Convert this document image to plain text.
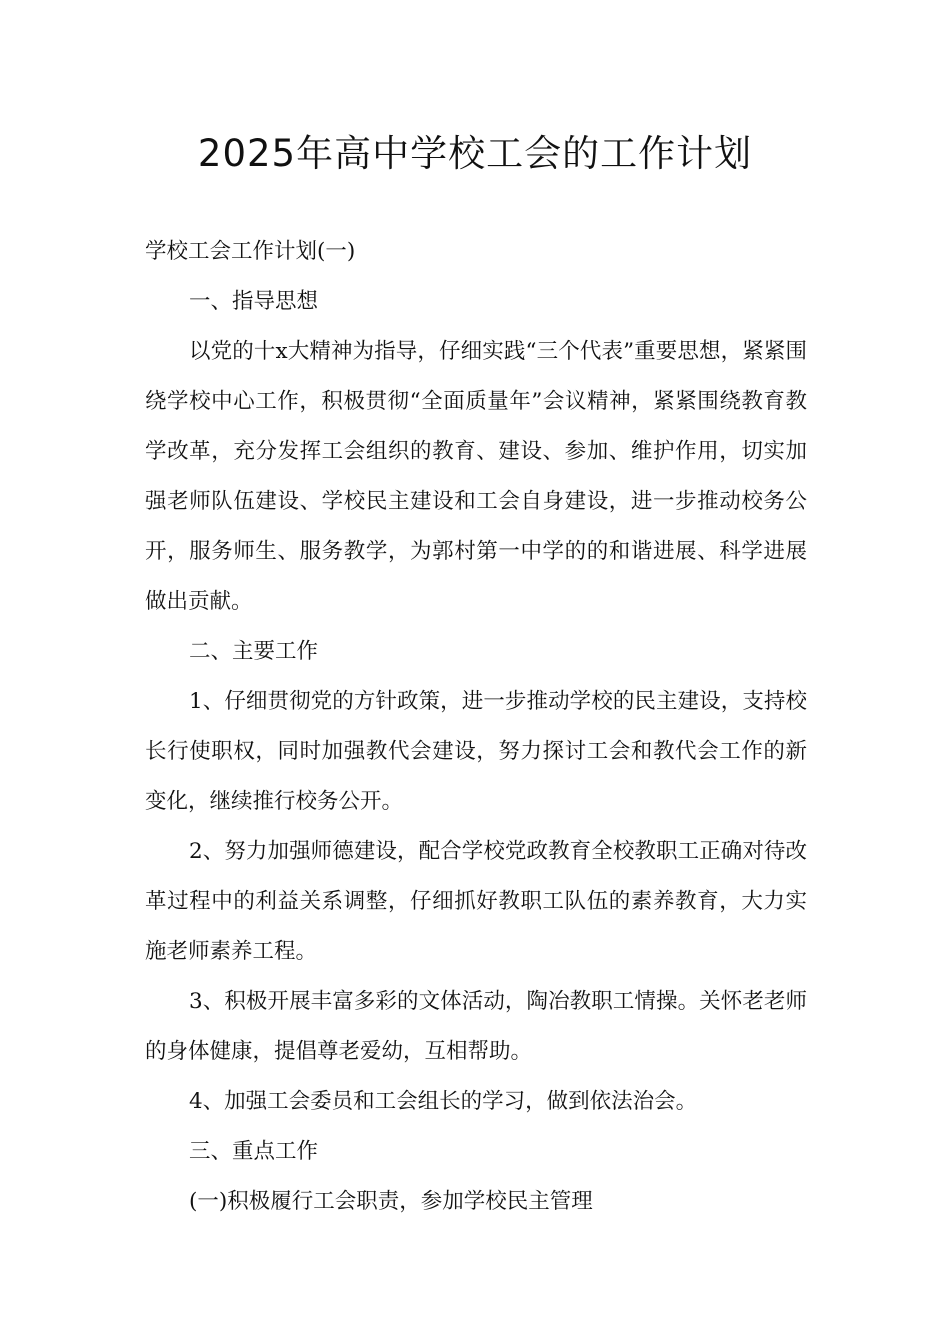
2025年高中学校工会的工作计划

学校工会工作计划(一)

一、指导思想

以党的十x大精神为指导，仔细实践“三个代表”重要思想，紧紧围绕学校中心工作，积极贯彻“全面质量年”会议精神，紧紧围绕教育教学改革，充分发挥工会组织的教育、建设、参加、维护作用，切实加强老师队伍建设、学校民主建设和工会自身建设，进一步推动校务公开，服务师生、服务教学，为郭村第一中学的的和谐进展、科学进展做出贡献。

二、主要工作

1、仔细贯彻党的方针政策，进一步推动学校的民主建设，支持校长行使职权，同时加强教代会建设，努力探讨工会和教代会工作的新变化，继续推行校务公开。

2、努力加强师德建设，配合学校党政教育全校教职工正确对待改革过程中的利益关系调整，仔细抓好教职工队伍的素养教育，大力实施老师素养工程。

3、积极开展丰富多彩的文体活动，陶冶教职工情操。关怀老老师的身体健康，提倡尊老爱幼，互相帮助。

4、加强工会委员和工会组长的学习，做到依法治会。

三、重点工作

(一)积极履行工会职责，参加学校民主管理
